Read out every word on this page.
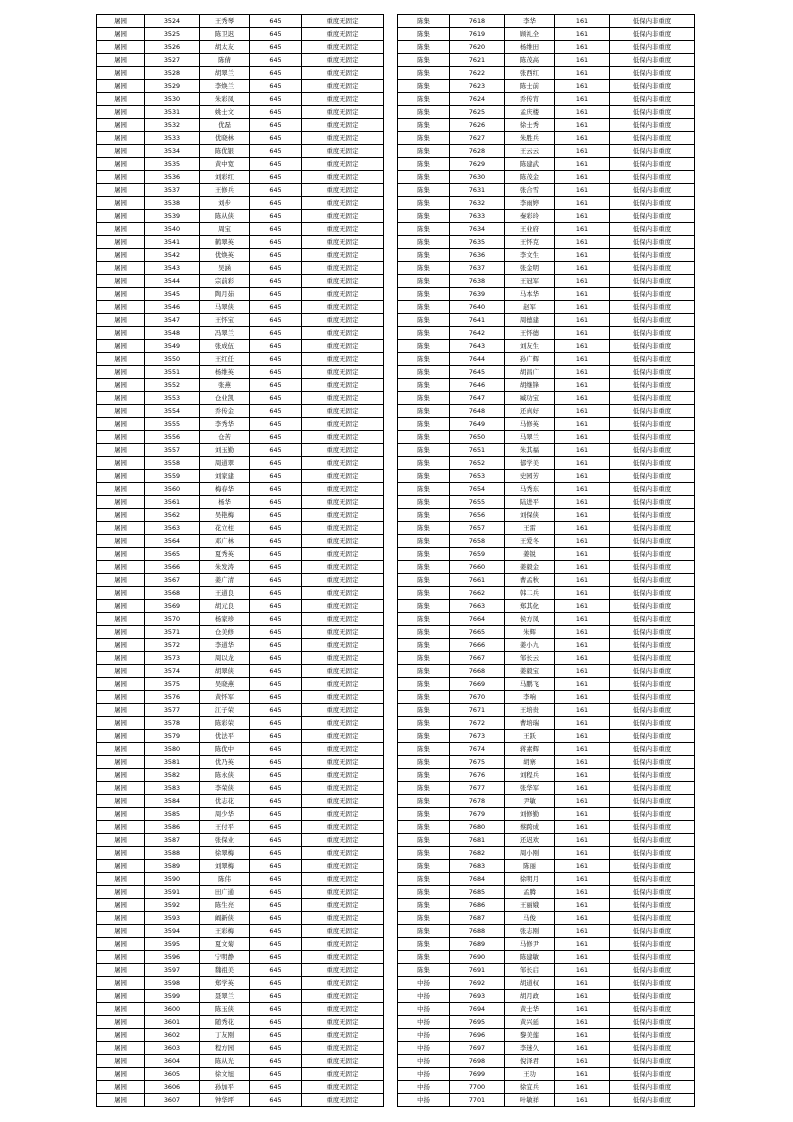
屠园	3524	王秀琴	645	重度无固定
屠园	3525	陈卫迟	645	重度无固定
屠园	3526	胡太友	645	重度无固定
屠园	3527	陈倩	645	重度无固定
屠园	3528	胡翠兰	645	重度无固定
屠园	3529	李焕兰	645	重度无固定
屠园	3530	朱彩凤	645	重度无固定
屠园	3531	姚士文	645	重度无固定
屠园	3532	优磊	645	重度无固定
屠园	3533	优晓林	645	重度无固定
屠园	3534	陈优银	645	重度无固定
屠园	3535	黄中宽	645	重度无固定
屠园	3536	刘彩红	645	重度无固定
屠园	3537	王修兵	645	重度无固定
屠园	3538	刘步	645	重度无固定
屠园	3539	陈从侠	645	重度无固定
屠园	3540	周宝	645	重度无固定
屠园	3541	鹤翠英	645	重度无固定
屠园	3542	优焕英	645	重度无固定
屠园	3543	吴涵	645	重度无固定
屠园	3544	宗前彩	645	重度无固定
屠园	3545	陶月茹	645	重度无固定
屠园	3546	马翠侠	645	重度无固定
屠园	3547	王怀宝	645	重度无固定
屠园	3548	冯翠兰	645	重度无固定
屠园	3549	张成伍	645	重度无固定
屠园	3550	王红任	645	重度无固定
屠园	3551	杨维英	645	重度无固定
屠园	3552	张燕	645	重度无固定
屠园	3553	仓业凯	645	重度无固定
屠园	3554	乔传金	645	重度无固定
屠园	3555	李秀华	645	重度无固定
屠园	3556	仓苦	645	重度无固定
屠园	3557	刘玉勤	645	重度无固定
屠园	3558	周道翠	645	重度无固定
屠园	3559	刘家建	645	重度无固定
屠园	3560	梅春华	645	重度无固定
屠园	3561	杨华	645	重度无固定
屠园	3562	吴艳梅	645	重度无固定
屠园	3563	花立柱	645	重度无固定
屠园	3564	邓广林	645	重度无固定
屠园	3565	夏秀英	645	重度无固定
屠园	3566	朱发涛	645	重度无固定
屠园	3567	姜广清	645	重度无固定
屠园	3568	王道良	645	重度无固定
屠园	3569	胡元良	645	重度无固定
屠园	3570	杨家珍	645	重度无固定
屠园	3571	仓美修	645	重度无固定
屠园	3572	李道华	645	重度无固定
屠园	3573	周以龙	645	重度无固定
屠园	3574	胡翠侠	645	重度无固定
屠园	3575	吴晓燕	645	重度无固定
屠园	3576	黄怀军	645	重度无固定
屠园	3577	江子荣	645	重度无固定
屠园	3578	陈彩荣	645	重度无固定
屠园	3579	优法平	645	重度无固定
屠园	3580	陈优中	645	重度无固定
屠园	3581	优乃英	645	重度无固定
屠园	3582	陈永侠	645	重度无固定
屠园	3583	李荣侠	645	重度无固定
屠园	3584	优志花	645	重度无固定
屠园	3585	周少华	645	重度无固定
屠园	3586	王付平	645	重度无固定
屠园	3587	张保业	645	重度无固定
屠园	3588	徐翠梅	645	重度无固定
屠园	3589	刘翠梅	645	重度无固定
屠园	3590	陈伟	645	重度无固定
屠园	3591	田广通	645	重度无固定
屠园	3592	陈生亮	645	重度无固定
屠园	3593	阚新侠	645	重度无固定
屠园	3594	王彩梅	645	重度无固定
屠园	3595	夏文菊	645	重度无固定
屠园	3596	宁明静	645	重度无固定
屠园	3597	魏祖美	645	重度无固定
屠园	3598	郑学英	645	重度无固定
屠园	3599	聂翠兰	645	重度无固定
屠园	3600	陈玉侠	645	重度无固定
屠园	3601	随秀花	645	重度无固定
屠园	3602	丁友刚	645	重度无固定
屠园	3603	程方园	645	重度无固定
屠园	3604	陈从光	645	重度无固定
屠园	3605	徐文旭	645	重度无固定
屠园	3606	孙加平	645	重度无固定
屠园	3607	钟华坪	645	重度无固定
陈集	7618	李华	161	低保内非重度
陈集	7619	顾礼全	161	低保内非重度
陈集	7620	杨维田	161	低保内非重度
陈集	7621	陈茂高	161	低保内非重度
陈集	7622	张西红	161	低保内非重度
陈集	7623	陈士前	161	低保内非重度
陈集	7624	乔传宵	161	低保内非重度
陈集	7625	孟庆楼	161	低保内非重度
陈集	7626	徐士秀	161	低保内非重度
陈集	7627	朱胜兵	161	低保内非重度
陈集	7628	王云云	161	低保内非重度
陈集	7629	陈建武	161	低保内非重度
陈集	7630	陈茂金	161	低保内非重度
陈集	7631	张合雪	161	低保内非重度
陈集	7632	李雨婷	161	低保内非重度
陈集	7633	秦彩玲	161	低保内非重度
陈集	7634	王业府	161	低保内非重度
陈集	7635	王怀克	161	低保内非重度
陈集	7636	李文生	161	低保内非重度
陈集	7637	张金明	161	低保内非重度
陈集	7638	王冠军	161	低保内非重度
陈集	7639	马本华	161	低保内非重度
陈集	7640	赵军	161	低保内非重度
陈集	7641	周德建	161	低保内非重度
陈集	7642	王怀德	161	低保内非重度
陈集	7643	刘友生	161	低保内非重度
陈集	7644	孙广辉	161	低保内非重度
陈集	7645	胡昌广	161	低保内非重度
陈集	7646	胡继锋	161	低保内非重度
陈集	7647	臧功宝	161	低保内非重度
陈集	7648	还真好	161	低保内非重度
陈集	7649	马修英	161	低保内非重度
陈集	7650	马翠兰	161	低保内非重度
陈集	7651	朱其福	161	低保内非重度
陈集	7652	郁学美	161	低保内非重度
陈集	7653	史园芳	161	低保内非重度
陈集	7654	马秀东	161	低保内非重度
陈集	7655	陆进平	161	低保内非重度
陈集	7656	刘保侠	161	低保内非重度
陈集	7657	王雷	161	低保内非重度
陈集	7658	王爱冬	161	低保内非重度
陈集	7659	姜锐	161	低保内非重度
陈集	7660	姜毅金	161	低保内非重度
陈集	7661	曹孟秋	161	低保内非重度
陈集	7662	韩二兵	161	低保内非重度
陈集	7663	郑其化	161	低保内非重度
陈集	7664	侯方凤	161	低保内非重度
陈集	7665	朱辉	161	低保内非重度
陈集	7666	姜小九	161	低保内非重度
陈集	7667	邹长云	161	低保内非重度
陈集	7668	姜毅宝	161	低保内非重度
陈集	7669	马鹏飞	161	低保内非重度
陈集	7670	李响	161	低保内非重度
陈集	7671	王培贵	161	低保内非重度
陈集	7672	曹培瑞	161	低保内非重度
陈集	7673	王跃	161	低保内非重度
陈集	7674	蒋素辉	161	低保内非重度
陈集	7675	胡寨	161	低保内非重度
陈集	7676	刘程兵	161	低保内非重度
陈集	7677	张华军	161	低保内非重度
陈集	7678	尹敏	161	低保内非重度
陈集	7679	刘修勤	161	低保内非重度
陈集	7680	蔡跨成	161	低保内非重度
陈集	7681	还迟欢	161	低保内非重度
陈集	7682	周小刚	161	低保内非重度
陈集	7683	陈丽	161	低保内非重度
陈集	7684	徐明月	161	低保内非重度
陈集	7685	孟腾	161	低保内非重度
陈集	7686	王丽娥	161	低保内非重度
陈集	7687	马俊	161	低保内非重度
陈集	7688	张志刚	161	低保内非重度
陈集	7689	马修尹	161	低保内非重度
陈集	7690	陈建敏	161	低保内非重度
陈集	7691	邹长启	161	低保内非重度
中扬	7692	胡道权	161	低保内非重度
中扬	7693	胡月政	161	低保内非重度
中扬	7694	黄士华	161	低保内非重度
中扬	7695	黄兴延	161	低保内非重度
中扬	7696	黎美莲	161	低保内非重度
中扬	7697	李迷久	161	低保内非重度
中扬	7698	倪泽君	161	低保内非重度
中扬	7699	王功	161	低保内非重度
中扬	7700	徐宜兵	161	低保内非重度
中扬	7701	叶敏祥	161	低保内非重度
